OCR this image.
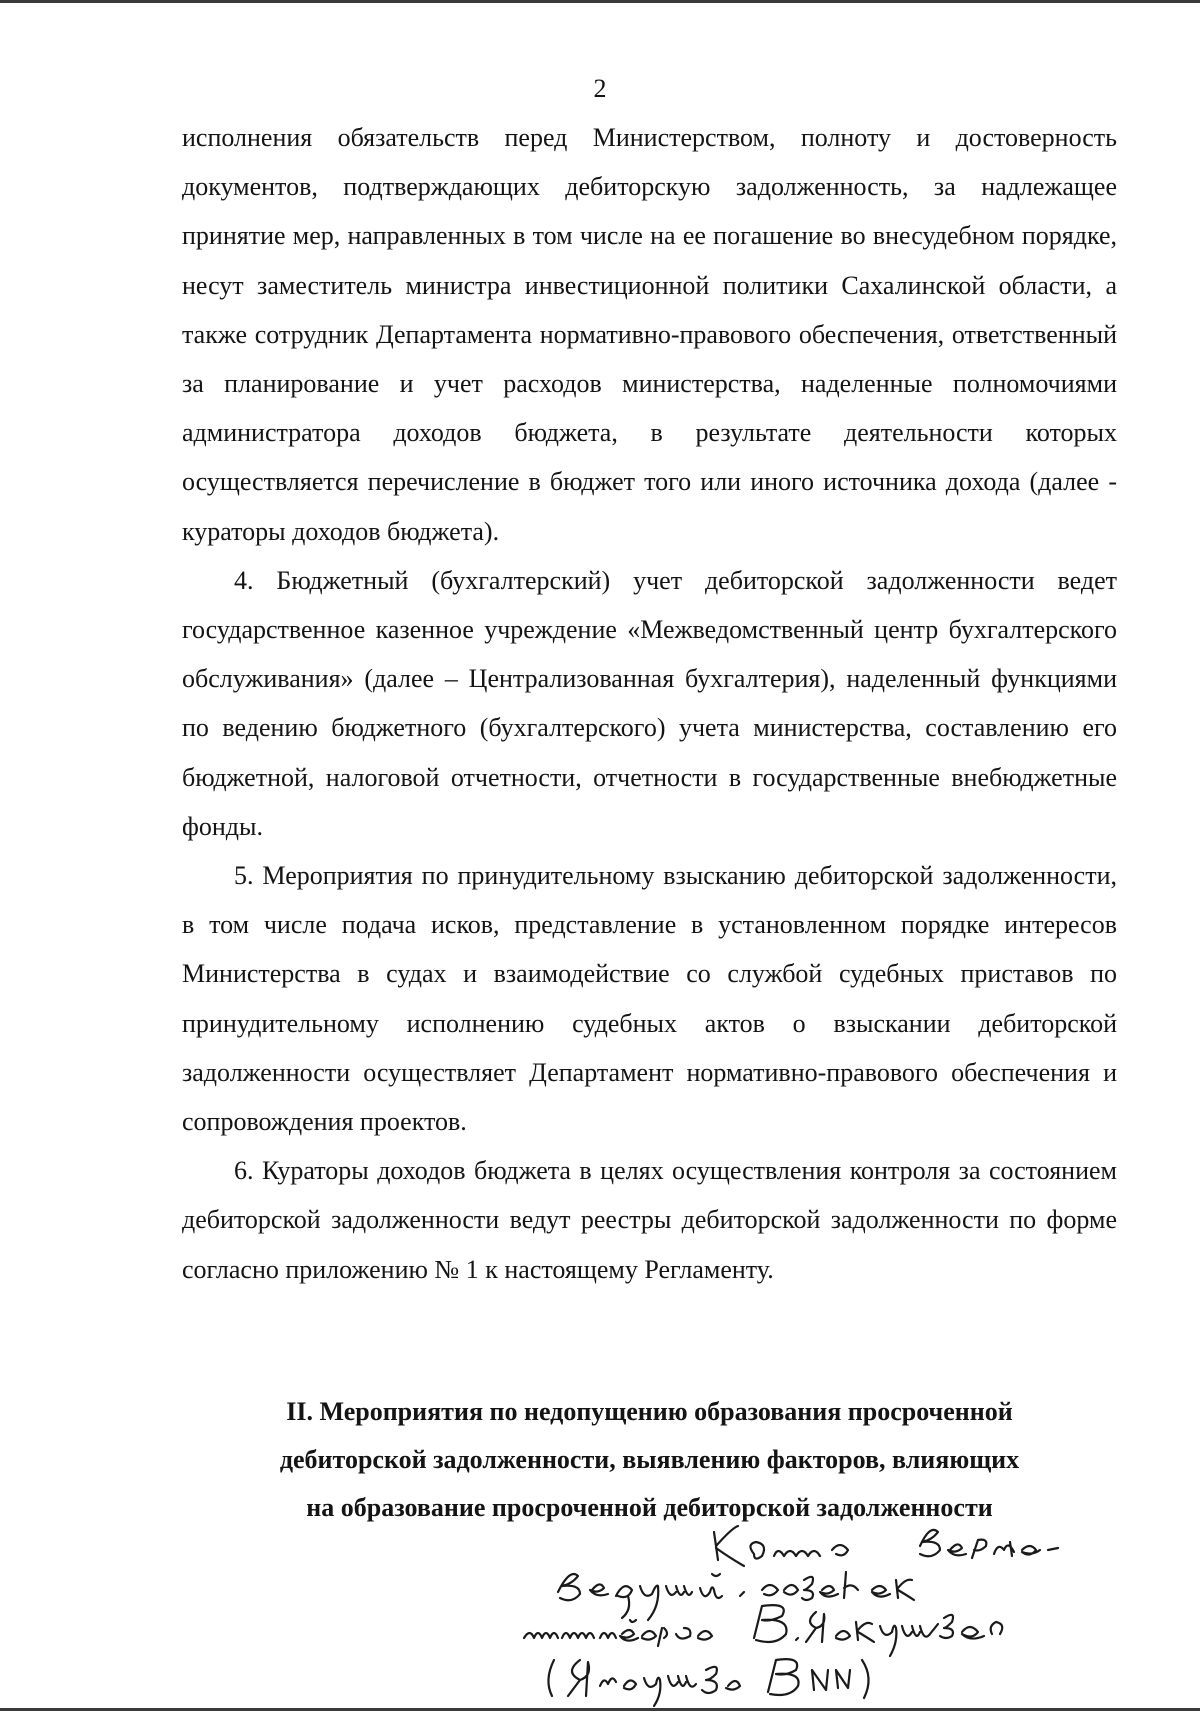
2

исполнения обязательств перед Министерством, полноту и достоверность документов, подтверждающих дебиторскую задолженность, за надлежащее принятие мер, направленных в том числе на ее погашение во внесудебном порядке, несут заместитель министра инвестиционной политики Сахалинской области, а также сотрудник Департамента нормативно-правового обеспечения, ответственный за планирование и учет расходов министерства, наделенные полномочиями администратора доходов бюджета, в результате деятельности которых осуществляется перечисление в бюджет того или иного источника дохода (далее - кураторы доходов бюджета).

4. Бюджетный (бухгалтерский) учет дебиторской задолженности ведет государственное казенное учреждение «Межведомственный центр бухгалтерского обслуживания» (далее – Централизованная бухгалтерия), наделенный функциями по ведению бюджетного (бухгалтерского) учета министерства, составлению его бюджетной, налоговой отчетности, отчетности в государственные внебюджетные фонды.

5. Мероприятия по принудительному взысканию дебиторской задолженности, в том числе подача исков, представление в установленном порядке интересов Министерства в судах и взаимодействие со службой судебных приставов по принудительному исполнению судебных актов о взыскании дебиторской задолженности осуществляет Департамент нормативно-правового обеспечения и сопровождения проектов.

6. Кураторы доходов бюджета в целях осуществления контроля за состоянием дебиторской задолженности ведут реестры дебиторской задолженности по форме согласно приложению № 1 к настоящему Регламенту.

II. Мероприятия по недопущению образования просроченной
дебиторской задолженности, выявлению факторов, влияющих
на образование просроченной дебиторской задолженности
